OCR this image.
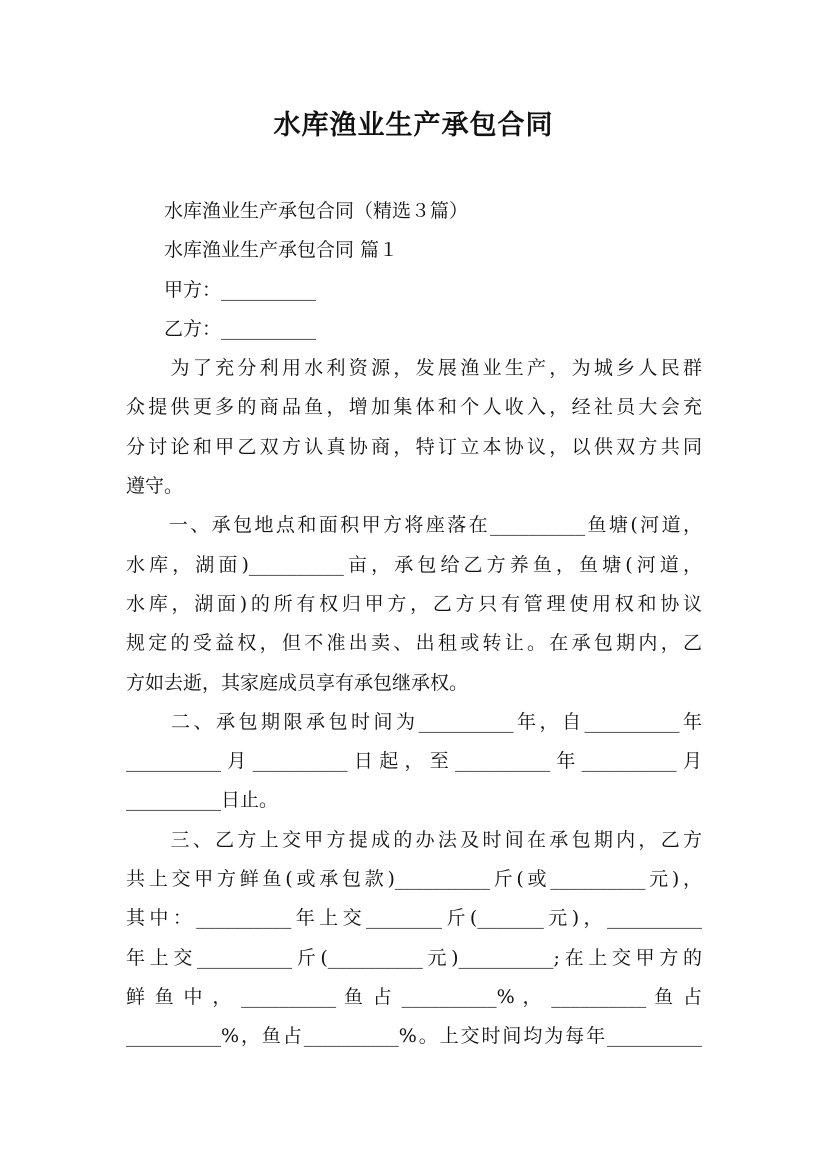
水库渔业生产承包合同
　　水库渔业生产承包合同（精选３篇）
　　水库渔业生产承包合同 篇１
　　甲方：__________
　　乙方：__________
　　为了充分利用水利资源，发展渔业生产，为城乡人民群
众提供更多的商品鱼，增加集体和个人收入，经社员大会充
分讨论和甲乙双方认真协商，特订立本协议，以供双方共同
遵守。
　　一、承包地点和面积甲方将座落在__________鱼塘(河道，
水库，湖面)__________亩，承包给乙方养鱼，鱼塘(河道，
水库，湖面)的所有权归甲方，乙方只有管理使用权和协议
规定的受益权，但不准出卖、出租或转让。在承包期内，乙
方如去逝，其家庭成员享有承包继承权。
　　二、承包期限承包时间为__________年，自__________年
__________月__________日起，至__________年__________月
__________日止。
　　三、乙方上交甲方提成的办法及时间在承包期内，乙方
共上交甲方鲜鱼(或承包款)__________斤(或__________元)，
其中：__________年上交________斤(_______元)，__________
年上交__________斤(__________元)__________;在上交甲方的
鲜 鱼 中 ， __________ 鱼 占 __________% ， __________ 鱼 占
__________%，鱼占__________%。上交时间均为每年__________
